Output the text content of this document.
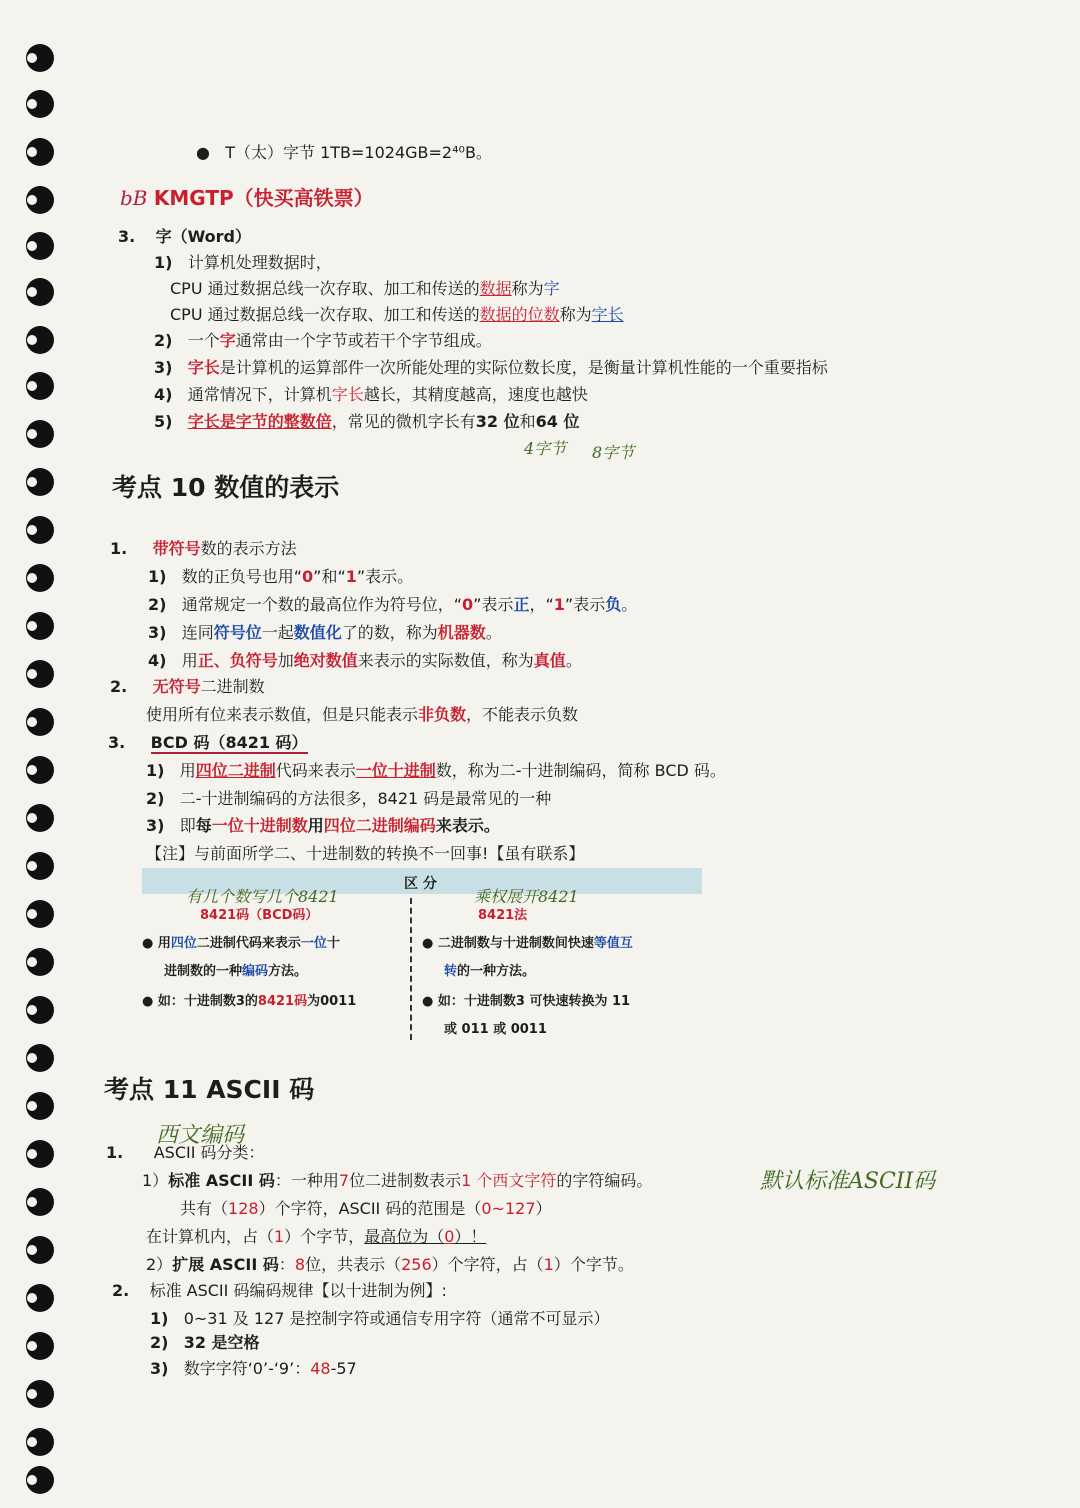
● T（太）字节 1TB=1024GB=2⁴⁰B。
bB KMGTP（快买高铁票）
3. 字（Word）
1) 计算机处理数据时，
CPU 通过数据总线一次存取、加工和传送的数据称为字
CPU 通过数据总线一次存取、加工和传送的数据的位数称为字长
2) 一个字通常由一个字节或若干个字节组成。
3) 字长是计算机的运算部件一次所能处理的实际位数长度，是衡量计算机性能的一个重要指标
4) 通常情况下，计算机字长越长，其精度越高，速度也越快
5) 字长是字节的整数倍，常见的微机字长有32 位和64 位
4字节 8字节
考点 10 数值的表示
1. 带符号数的表示方法
1) 数的正负号也用“0”和“1”表示。
2) 通常规定一个数的最高位作为符号位，“0”表示正，“1”表示负。
3) 连同符号位一起数值化了的数，称为机器数。
4) 用正、负符号加绝对数值来表示的实际数值，称为真值。
2. 无符号二进制数
使用所有位来表示数值，但是只能表示非负数，不能表示负数
3. BCD 码（8421 码）
1) 用四位二进制代码来表示一位十进制数，称为二-十进制编码，简称 BCD 码。
2) 二-十进制编码的方法很多，8421 码是最常见的一种
3) 即每一位十进制数用四位二进制编码来表示。
【注】与前面所学二、十进制数的转换不一回事!【虽有联系】
区 分
有几个数写几个8421
8421码（BCD码）
乘权展开8421
8421法
● 用四位二进制代码来表示一位十
进制数的一种编码方法。
● 如：十进制数3的8421码为0011
● 二进制数与十进制数间快速等值互
转的一种方法。
● 如：十进制数3 可快速转换为 11
或 011 或 0011
考点 11 ASCII 码
西文编码
1. ASCII 码分类：
1）标准 ASCII 码：一种用7位二进制数表示1 个西文字符的字符编码。	默认标准ASCII码
共有（128）个字符，ASCII 码的范围是（0~127）
在计算机内，占（1）个字节，最高位为（0）！
2）扩展 ASCII 码：8位，共表示（256）个字符，占（1）个字节。
2. 标准 ASCII 码编码规律【以十进制为例】:
1) 0~31 及 127 是控制字符或通信专用字符（通常不可显示）
2) 32 是空格
3) 数字字符‘0’-‘9’：48-57
